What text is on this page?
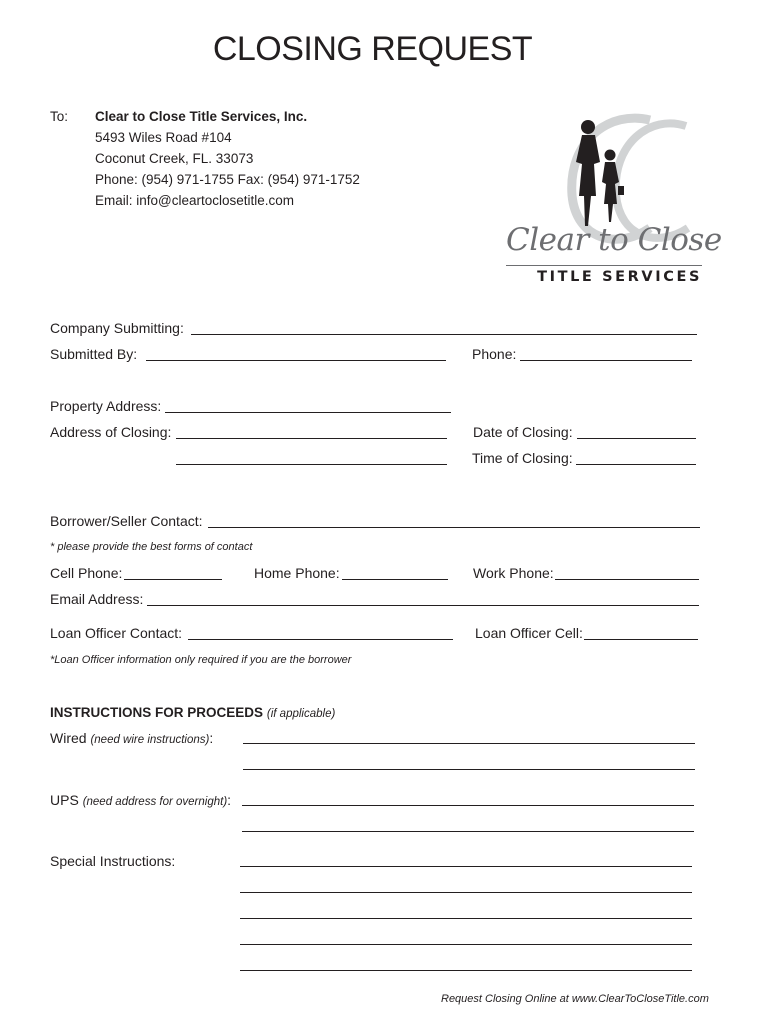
CLOSING REQUEST
To: Clear to Close Title Services, Inc.
5493 Wiles Road #104
Coconut Creek, FL. 33073
Phone: (954) 971-1755 Fax: (954) 971-1752
Email: info@cleartoclosetitle.com
Clear to Close
TITLE SERVICES
Company Submitting:
Submitted By:	Phone:
Property Address:
Address of Closing:	Date of Closing:
Time of Closing:
Borrower/Seller Contact:
* please provide the best forms of contact
Cell Phone:	Home Phone:	Work Phone:
Email Address:
Loan Officer Contact:	Loan Officer Cell:
*Loan Officer information only required if you are the borrower
INSTRUCTIONS FOR PROCEEDS (if applicable)
Wired (need wire instructions):
UPS (need address for overnight):
Special Instructions:
Request Closing Online at www.ClearToCloseTitle.com
